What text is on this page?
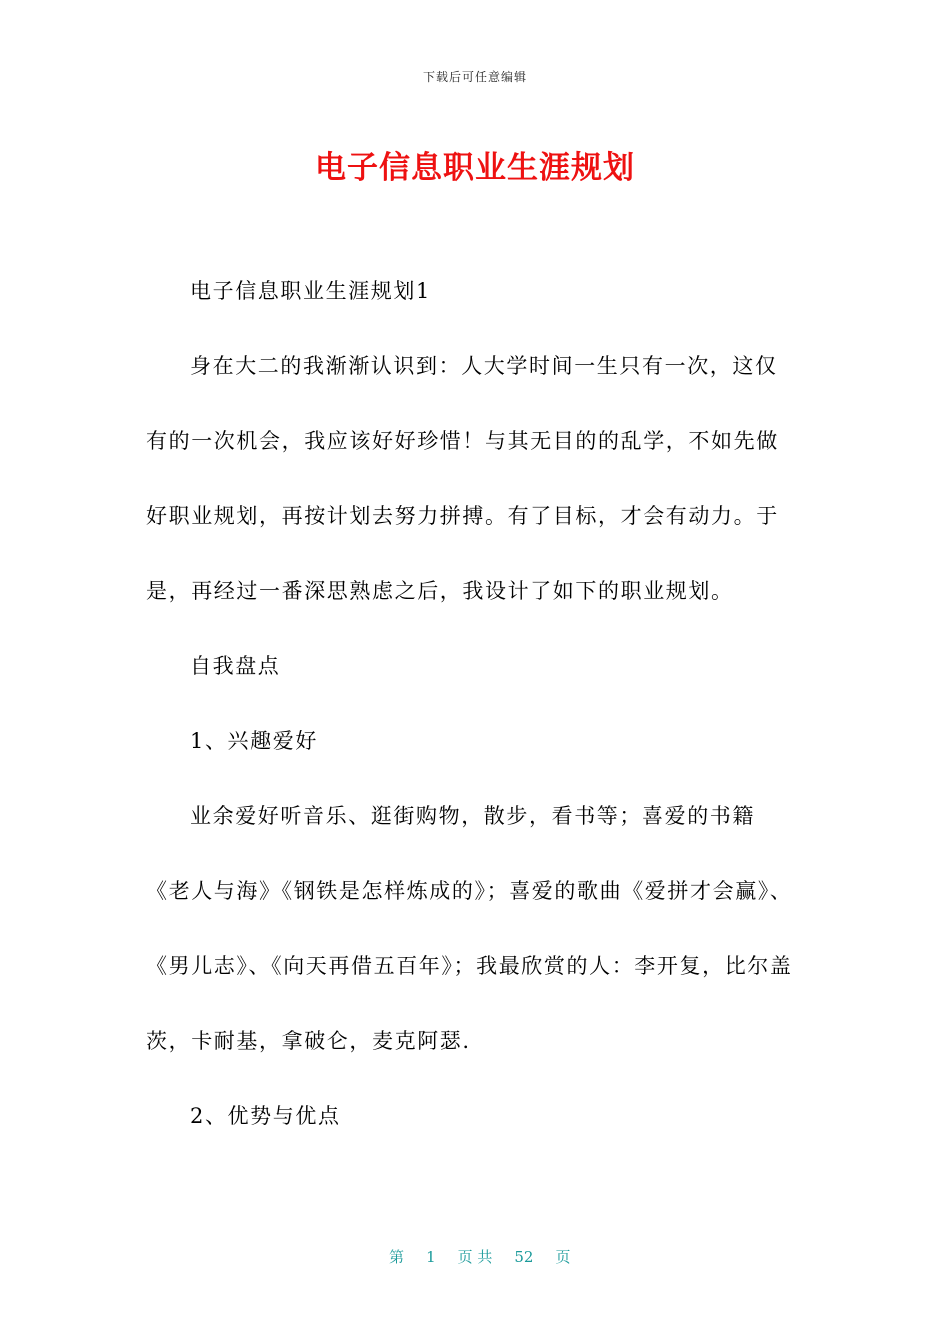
下载后可任意编辑
电子信息职业生涯规划

电子信息职业生涯规划1

身在大二的我渐渐认识到：人大学时间一生只有一次，这仅有的一次机会，我应该好好珍惜！与其无目的的乱学，不如先做好职业规划，再按计划去努力拼搏。有了目标，才会有动力。于是，再经过一番深思熟虑之后，我设计了如下的职业规划。

自我盘点

1、兴趣爱好

业余爱好听音乐、逛街购物，散步，看书等；喜爱的书籍《老人与海》《钢铁是怎样炼成的》；喜爱的歌曲《爱拼才会赢》、《男儿志》、《向天再借五百年》；我最欣赏的人：李开复，比尔盖茨，卡耐基，拿破仑，麦克阿瑟.

2、优势与优点

第 1 页 共 52 页
